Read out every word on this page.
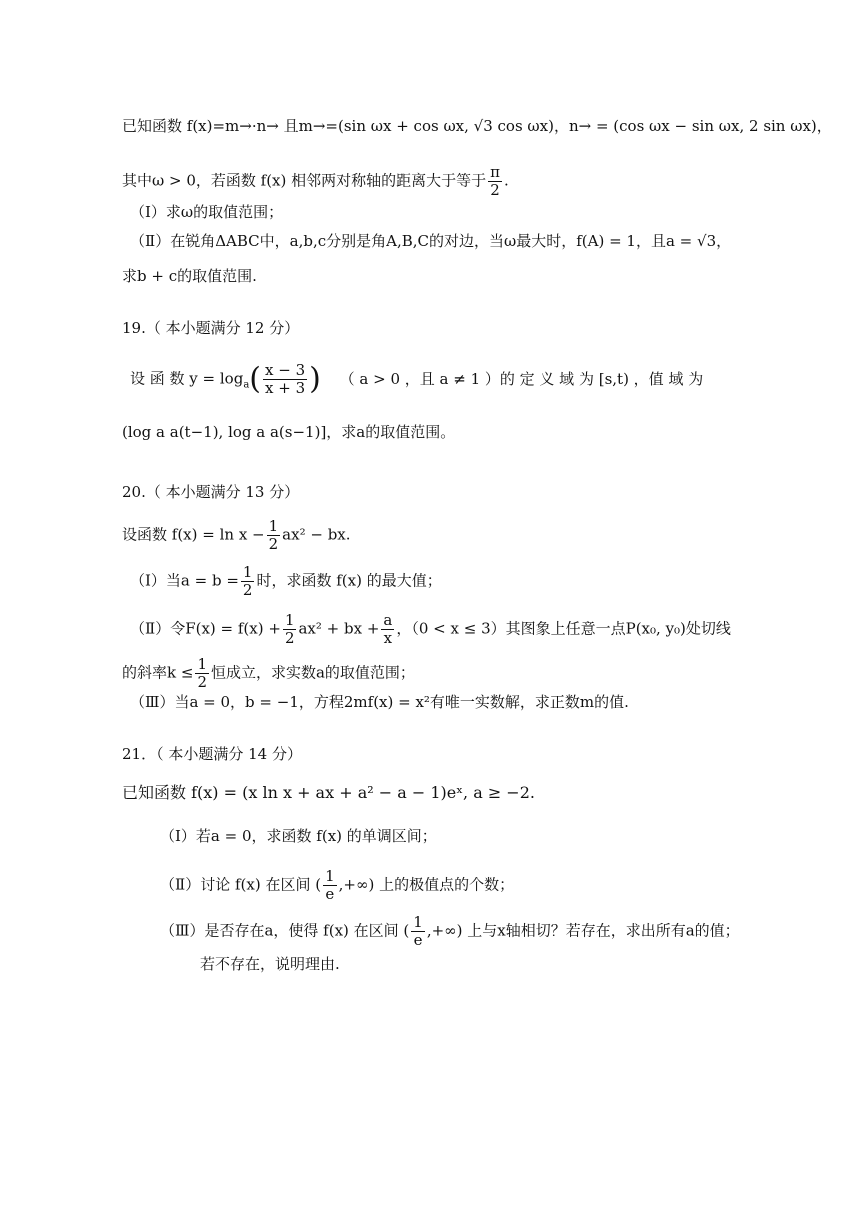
已知函数 f(x)=m→·n→ 且m→=(sin ωx + cos ωx, √3 cos ωx)，n→ = (cos ωx − sin ωx, 2 sin ωx)，
其中ω > 0，若函数 f(x) 相邻两对称轴的距离大于等于 $\frac{\pi}{2}$ .
（Ⅰ）求ω的取值范围；
（Ⅱ）在锐角ΔABC中，a,b,c分别是角A,B,C的对边，当ω最大时，f(A) = 1，且a = √3，
求b + c的取值范围.
19.（ 本小题满分 12 分）
设 函 数 $y = \log_a( \frac{x - 3}{x + 3}$ ) （ a > 0 ，且 a ≠ 1 ）的 定 义 域 为 [s,t) ，值 域 为
(log a a(t−1), log a a(s−1)]，求a的取值范围。
20.（ 本小题满分 13 分）
设函数 $f(x) = \ln x - \frac{1}{2} ax^2$ − bx.
（Ⅰ）当$a = b = \frac{1}{2}$ 时，求函数 f(x) 的最大值；
（Ⅱ）令$F(x) = f(x) + \frac{1}{2} ax^2$ + bx + $\frac{a}{x}$ ，（0 < x ≤ 3）其图象上任意一点P(x₀, y₀)处切线
的斜率$k \le \frac{1}{2}$ 恒成立，求实数a的取值范围；
（Ⅲ）当a = 0，b = −1，方程2mf(x) = x²有唯一实数解，求正数m的值.
21．（ 本小题满分 14 分）
已知函数 f(x) = (x ln x + ax + a² − a − 1)eˣ, a ≥ −2.
（Ⅰ）若a = 0，求函数 f(x) 的单调区间；
（Ⅱ）讨论 f(x) 在区间 ( $\frac{1}{e}$ ,+∞) 上的极值点的个数；
（Ⅲ）是否存在a，使得 f(x) 在区间 ( $\frac{1}{e}$ ,+∞) 上与x轴相切？若存在，求出所有a的值；
若不存在，说明理由.
